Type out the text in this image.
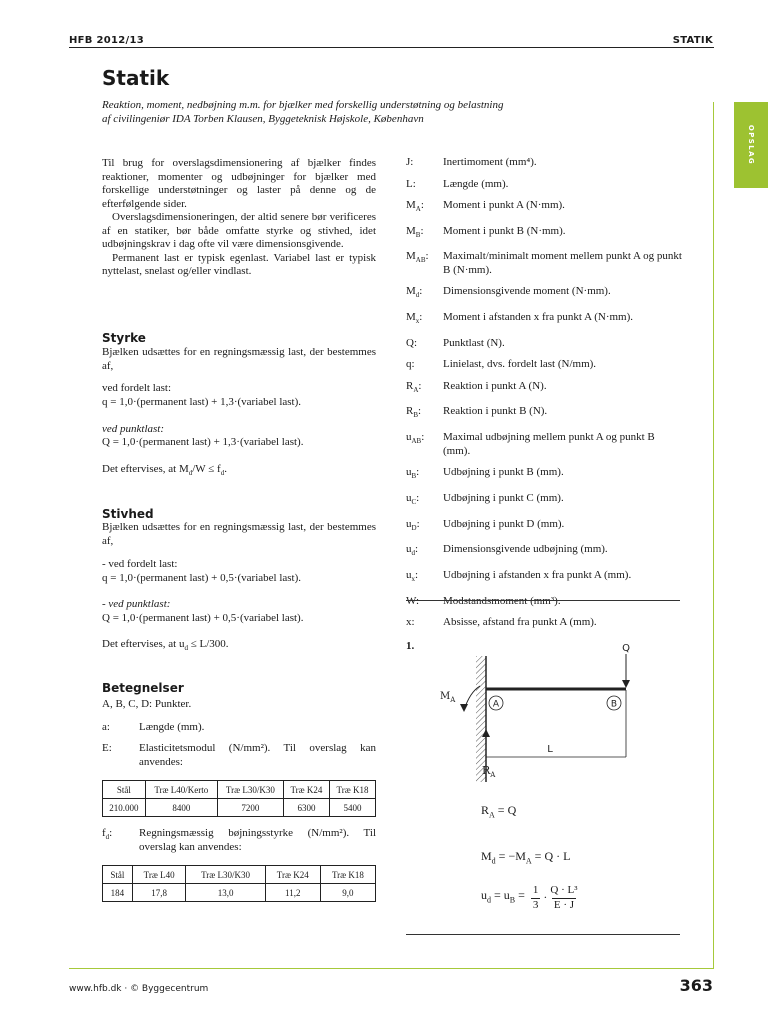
HFB 2012/13	STATIK
OPSLAG
Statik
Reaktion, moment, nedbøjning m.m. for bjælker med forskellig understøtning og belastning
af civilingeniør IDA Torben Klausen, Byggeteknisk Højskole, København

Til brug for overslagsdimensionering af bjælker findes reaktioner, momenter og udbøjninger for bjælker med forskellige understøtninger og laster på denne og de efterfølgende sider.

Overslagsdimensioneringen, der altid senere bør verificeres af en statiker, bør både omfatte styrke og stivhed, idet udbøjningskrav i dag ofte vil være dimensionsgivende.

Permanent last er typisk egenlast. Variabel last er typisk nyttelast, snelast og/eller vindlast.

Styrke
Bjælken udsættes for en regningsmæssig last, der bestemmes af,
ved fordelt last:
q = 1,0·(permanent last) + 1,3·(variabel last).
ved punktlast:
Q = 1,0·(permanent last) + 1,3·(variabel last).
Det eftervises, at $M_d/W \le f_d$.
Stivhed
Bjælken udsættes for en regningsmæssig last, der bestemmes af,
- ved fordelt last:
q = 1,0·(permanent last) + 0,5·(variabel last).
- ved punktlast:
Q = 1,0·(permanent last) + 0,5·(variabel last).
Det eftervises, at $u_d \le L/300$.
Betegnelser
A, B, C, D: Punkter.
a:	Længde (mm).
E: Elasticitetsmodul (N/mm²). Til overslag kan anvendes:
Stål	Træ L40/Kerto	Træ L30/K30	Træ K24	Træ K18
210.000	8400	7200	6300	5400
$f_d$: Regningsmæssig bøjningsstyrke (N/mm²). Til overslag kan anvendes:
Stål	Træ L40	Træ L30/K30	Træ K24	Træ K18
184	17,8	13,0	11,2	9,0
J:	Inertimoment (mm⁴).
L:	Længde (mm).
$M_A$:	Moment i punkt A (N·mm).
$M_B$:	Moment i punkt B (N·mm).
$M_{AB}$:	Maximalt/minimalt moment mellem punkt A og punkt B (N·mm).
$M_d$:	Dimensionsgivende moment (N·mm).
$M_x$:	Moment i afstanden x fra punkt A (N·mm).
Q:	Punktlast (N).
q:	Linielast, dvs. fordelt last (N/mm).
$R_A$:	Reaktion i punkt A (N).
$R_B$:	Reaktion i punkt B (N).
$u_{AB}$:	Maximal udbøjning mellem punkt A og punkt B (mm).
$u_B$:	Udbøjning i punkt B (mm).
$u_C$:	Udbøjning i punkt C (mm).
$u_D$:	Udbøjning i punkt D (mm).
$u_d$:	Dimensionsgivende udbøjning (mm).
$u_x$:	Udbøjning i afstanden x fra punkt A (mm).
x:	Absisse, afstand fra punkt A (mm).
1.	Q
$M_A$	A	B
L
$R_A$
$R_A = Q$
$M_d = -M_A = Q \cdot L$
$u_d = u_B = \frac{1}{3} \cdot \frac{\text{Q · L³}}{E \cdot J}$
www.hfb.dk · © Byggecentrum	363
